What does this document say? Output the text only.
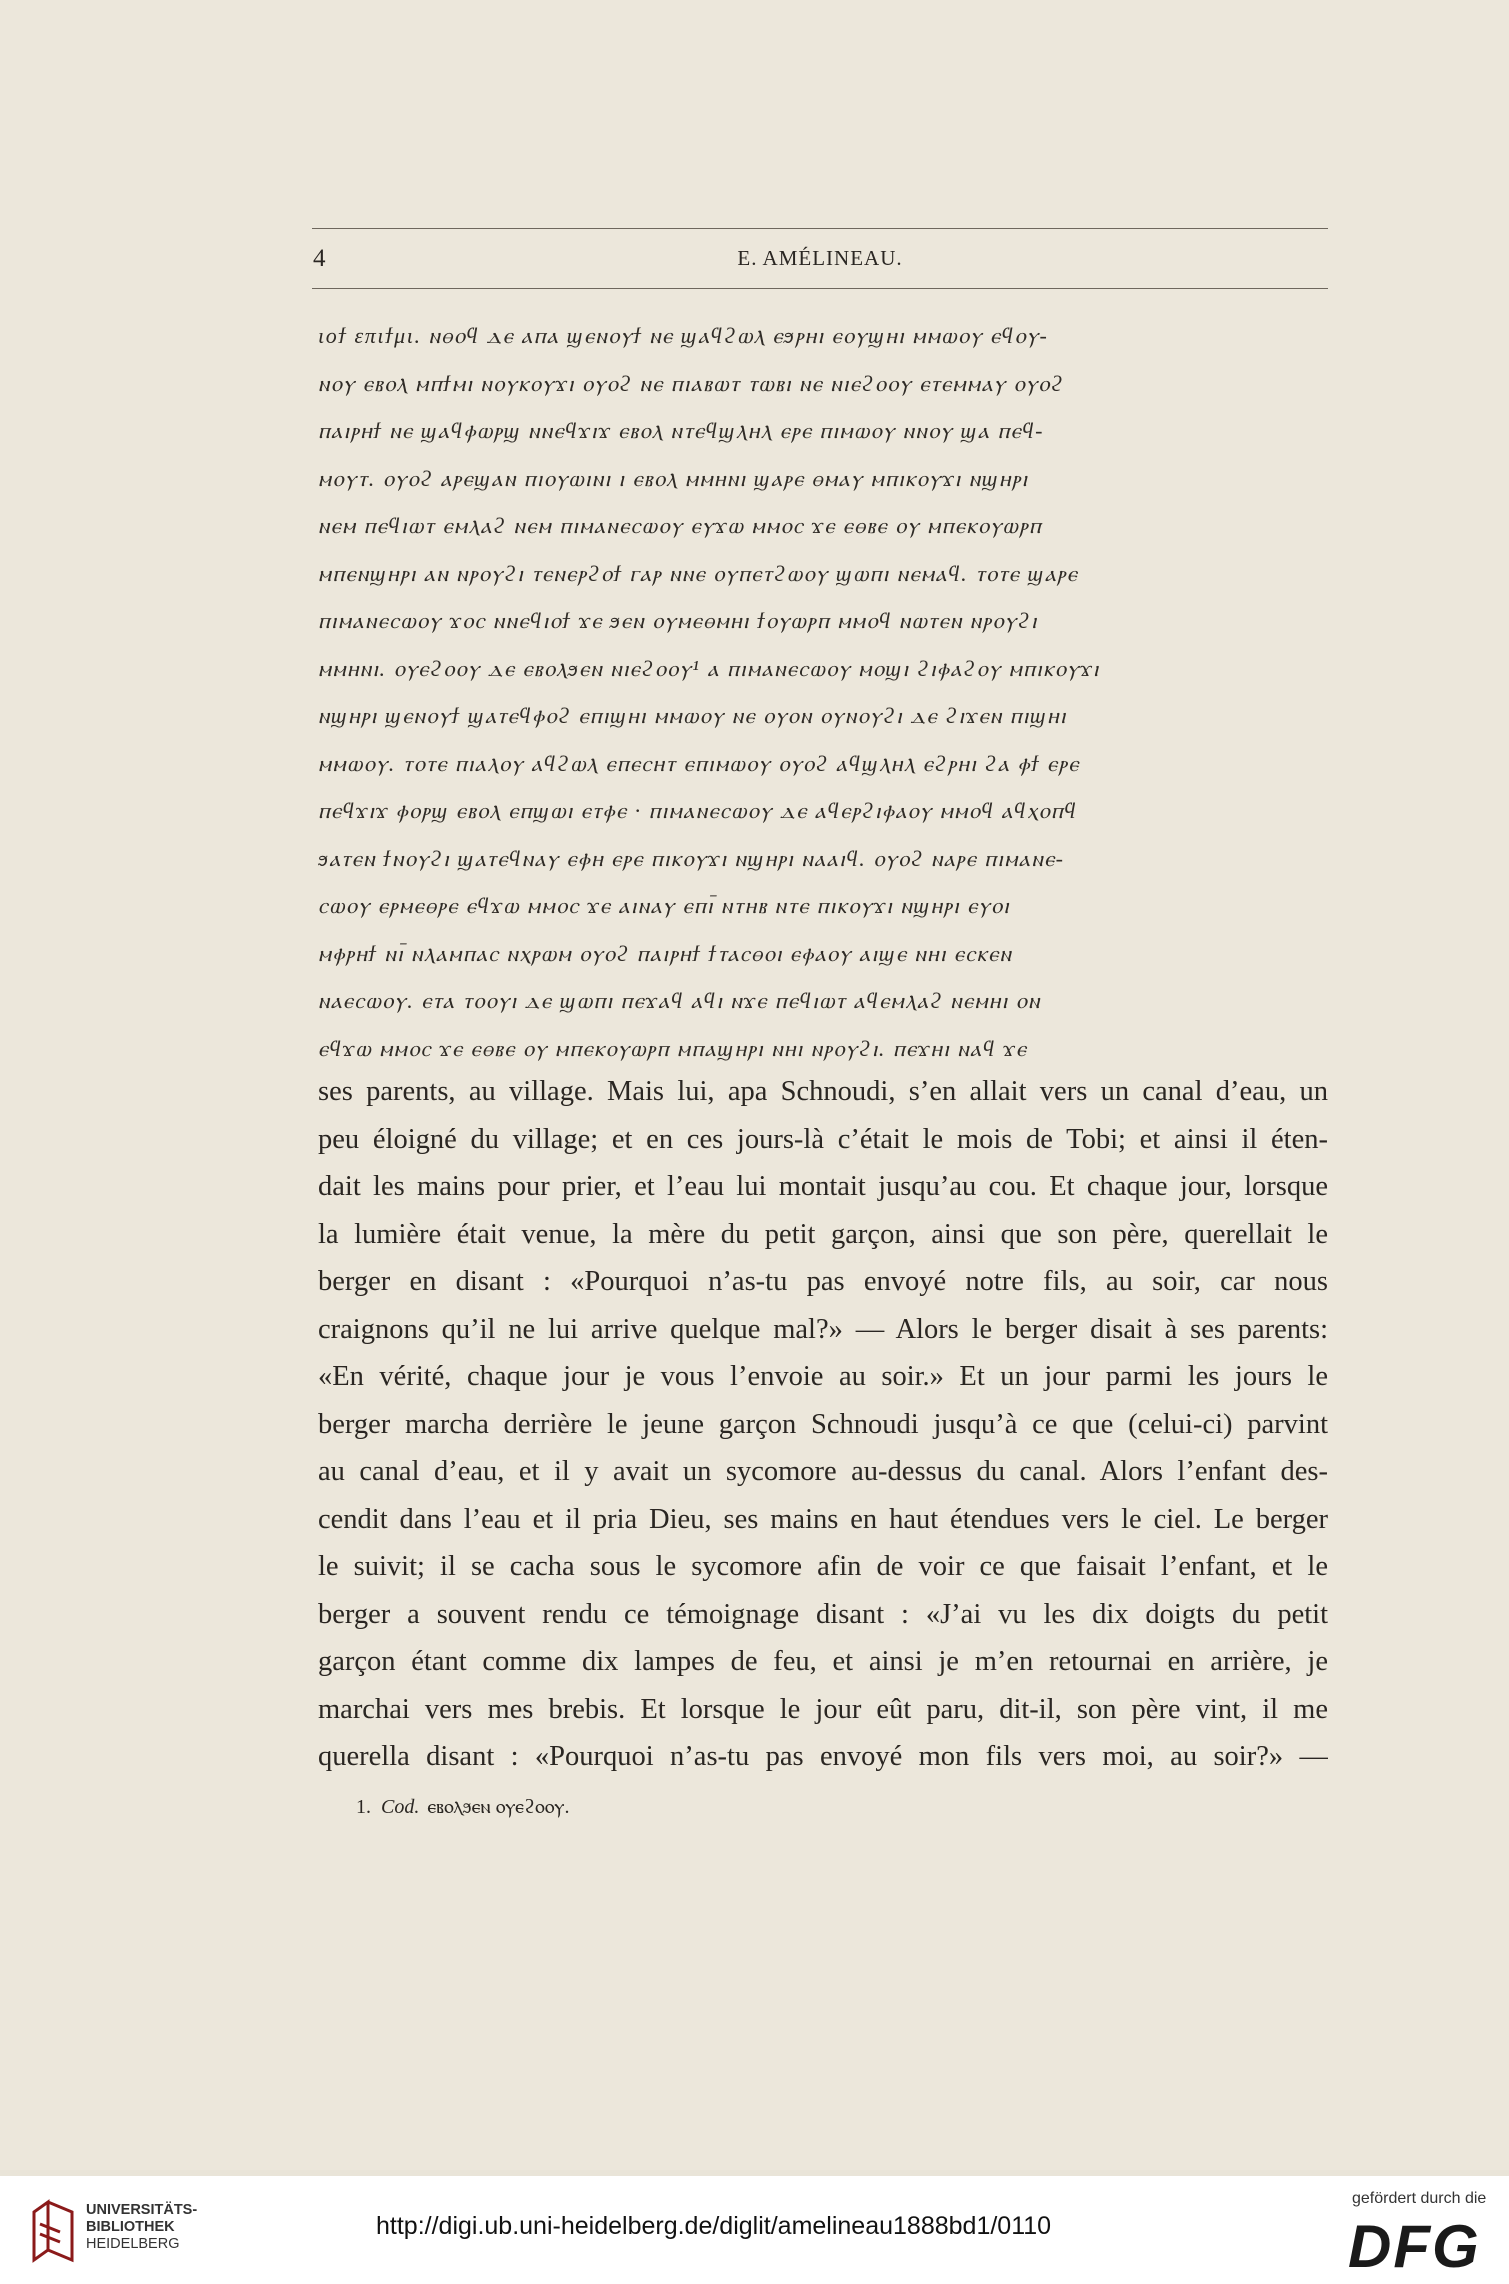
4	E. AMÉLINEAU.
ιοϯ επιϯμι. ⲛⲑⲟϥ ⲇⲉ ⲁⲡⲁ ϣⲉⲛⲟⲩϯ ⲛⲉ ϣⲁϥϩⲱⲗ ⲉϧⲣⲏⲓ ⲉⲟⲩϣⲏⲓ ⲙⲙⲱⲟⲩ ⲉϥⲟⲩ-
ⲛⲟⲩ ⲉⲃⲟⲗ ⲙⲡϯⲙⲓ ⲛⲟⲩⲕⲟⲩϫⲓ ⲟⲩⲟϩ ⲛⲉ ⲡⲓⲁⲃⲱⲧ ⲧⲱⲃⲓ ⲛⲉ ⲛⲓⲉϩⲟⲟⲩ ⲉⲧⲉⲙⲙⲁⲩ ⲟⲩⲟϩ
ⲡⲁⲓⲣⲏϯ ⲛⲉ ϣⲁϥⲫⲱⲣϣ ⲛⲛⲉϥϫⲓϫ ⲉⲃⲟⲗ ⲛⲧⲉϥϣⲗⲏⲗ ⲉⲣⲉ ⲡⲓⲙⲱⲟⲩ ⲛⲛⲟⲩ ϣⲁ ⲡⲉϥ-
ⲙⲟⲩⲧ. ⲟⲩⲟϩ ⲁⲣⲉϣⲁⲛ ⲡⲓⲟⲩⲱⲓⲛⲓ ⲓ ⲉⲃⲟⲗ ⲙⲙⲏⲛⲓ ϣⲁⲣⲉ ⲑⲙⲁⲩ ⲙⲡⲓⲕⲟⲩϫⲓ ⲛϣⲏⲣⲓ
ⲛⲉⲙ ⲡⲉϥⲓⲱⲧ ⲉⲙⲗⲁϩ ⲛⲉⲙ ⲡⲓⲙⲁⲛⲉⲥⲱⲟⲩ ⲉⲩϫⲱ ⲙⲙⲟⲥ ϫⲉ ⲉⲑⲃⲉ ⲟⲩ ⲙⲡⲉⲕⲟⲩⲱⲣⲡ
ⲙⲡⲉⲛϣⲏⲣⲓ ⲁⲛ ⲛⲣⲟⲩϩⲓ ⲧⲉⲛⲉⲣϩⲟϯ ⲅⲁⲣ ⲛⲛⲉ ⲟⲩⲡⲉⲧϩⲱⲟⲩ ϣⲱⲡⲓ ⲛⲉⲙⲁϥ. ⲧⲟⲧⲉ ϣⲁⲣⲉ
ⲡⲓⲙⲁⲛⲉⲥⲱⲟⲩ ϫⲟⲥ ⲛⲛⲉϥⲓⲟϯ ϫⲉ ϧⲉⲛ ⲟⲩⲙⲉⲑⲙⲏⲓ ϯⲟⲩⲱⲣⲡ ⲙⲙⲟϥ ⲛⲱⲧⲉⲛ ⲛⲣⲟⲩϩⲓ
ⲙⲙⲏⲛⲓ. ⲟⲩⲉϩⲟⲟⲩ ⲇⲉ ⲉⲃⲟⲗϧⲉⲛ ⲛⲓⲉϩⲟⲟⲩ¹ ⲁ ⲡⲓⲙⲁⲛⲉⲥⲱⲟⲩ ⲙⲟϣⲓ ϩⲓⲫⲁϩⲟⲩ ⲙⲡⲓⲕⲟⲩϫⲓ
ⲛϣⲏⲣⲓ ϣⲉⲛⲟⲩϯ ϣⲁⲧⲉϥⲫⲟϩ ⲉⲡⲓϣⲏⲓ ⲙⲙⲱⲟⲩ ⲛⲉ ⲟⲩⲟⲛ ⲟⲩⲛⲟⲩϩⲓ ⲇⲉ ϩⲓϫⲉⲛ ⲡⲓϣⲏⲓ
ⲙⲙⲱⲟⲩ. ⲧⲟⲧⲉ ⲡⲓⲁⲗⲟⲩ ⲁϥϩⲱⲗ ⲉⲡⲉⲥⲏⲧ ⲉⲡⲓⲙⲱⲟⲩ ⲟⲩⲟϩ ⲁϥϣⲗⲏⲗ ⲉϩⲣⲏⲓ ϩⲁ ⲫϯ ⲉⲣⲉ
ⲡⲉϥϫⲓϫ ⲫⲟⲣϣ ⲉⲃⲟⲗ ⲉⲡϣⲱⲓ ⲉⲧⲫⲉ · ⲡⲓⲙⲁⲛⲉⲥⲱⲟⲩ ⲇⲉ ⲁϥⲉⲣϩⲓⲫⲁⲟⲩ ⲙⲙⲟϥ ⲁϥⲭⲟⲡϥ
ϧⲁⲧⲉⲛ ϯⲛⲟⲩϩⲓ ϣⲁⲧⲉϥⲛⲁⲩ ⲉⲫⲏ ⲉⲣⲉ ⲡⲓⲕⲟⲩϫⲓ ⲛϣⲏⲣⲓ ⲛⲁⲁⲓϥ. ⲟⲩⲟϩ ⲛⲁⲣⲉ ⲡⲓⲙⲁⲛⲉ-
ⲥⲱⲟⲩ ⲉⲣⲙⲉⲑⲣⲉ ⲉϥϫⲱ ⲙⲙⲟⲥ ϫⲉ ⲁⲓⲛⲁⲩ ⲉⲡⲓ̅ ⲛⲧⲏⲃ ⲛⲧⲉ ⲡⲓⲕⲟⲩϫⲓ ⲛϣⲏⲣⲓ ⲉⲩⲟⲓ
ⲙⲫⲣⲏϯ ⲛⲓ̅ ⲛⲗⲁⲙⲡⲁⲥ ⲛⲭⲣⲱⲙ ⲟⲩⲟϩ ⲡⲁⲓⲣⲏϯ ϯⲧⲁⲥⲑⲟⲓ ⲉⲫⲁⲟⲩ ⲁⲓϣⲉ ⲛⲏⲓ ⲉⲥⲕⲉⲛ
ⲛⲁⲉⲥⲱⲟⲩ. ⲉⲧⲁ ⲧⲟⲟⲩⲓ ⲇⲉ ϣⲱⲡⲓ ⲡⲉϫⲁϥ ⲁϥⲓ ⲛϫⲉ ⲡⲉϥⲓⲱⲧ ⲁϥⲉⲙⲗⲁϩ ⲛⲉⲙⲏⲓ ⲟⲛ
ⲉϥϫⲱ ⲙⲙⲟⲥ ϫⲉ ⲉⲑⲃⲉ ⲟⲩ ⲙⲡⲉⲕⲟⲩⲱⲣⲡ ⲙⲡⲁϣⲏⲣⲓ ⲛⲏⲓ ⲛⲣⲟⲩϩⲓ. ⲡⲉϫⲏⲓ ⲛⲁϥ ϫⲉ
ses parents, au village. Mais lui, apa Schnoudi, s’en allait vers un canal d’eau, un
peu éloigné du village; et en ces jours-là c’était le mois de Tobi; et ainsi il éten-
dait les mains pour prier, et l’eau lui montait jusqu’au cou. Et chaque jour, lorsque
la lumière était venue, la mère du petit garçon, ainsi que son père, querellait le
berger en disant : «Pourquoi n’as-tu pas envoyé notre fils, au soir, car nous
craignons qu’il ne lui arrive quelque mal?» — Alors le berger disait à ses parents:
«En vérité, chaque jour je vous l’envoie au soir.» Et un jour parmi les jours le
berger marcha derrière le jeune garçon Schnoudi jusqu’à ce que (celui-ci) parvint
au canal d’eau, et il y avait un sycomore au-dessus du canal. Alors l’enfant des-
cendit dans l’eau et il pria Dieu, ses mains en haut étendues vers le ciel. Le berger
le suivit; il se cacha sous le sycomore afin de voir ce que faisait l’enfant, et le
berger a souvent rendu ce témoignage disant : «J’ai vu les dix doigts du petit
garçon étant comme dix lampes de feu, et ainsi je m’en retournai en arrière, je
marchai vers mes brebis. Et lorsque le jour eût paru, dit-il, son père vint, il me
querella disant : «Pourquoi n’as-tu pas envoyé mon fils vers moi, au soir?» —
1. Cod. ⲉⲃⲟⲗϧⲉⲛ ⲟⲩⲉϩⲟⲟⲩ.
UNIVERSITÄTS-
BIBLIOTHEK
HEIDELBERG
http://digi.ub.uni-heidelberg.de/diglit/amelineau1888bd1/0110
gefördert durch die
DFG
